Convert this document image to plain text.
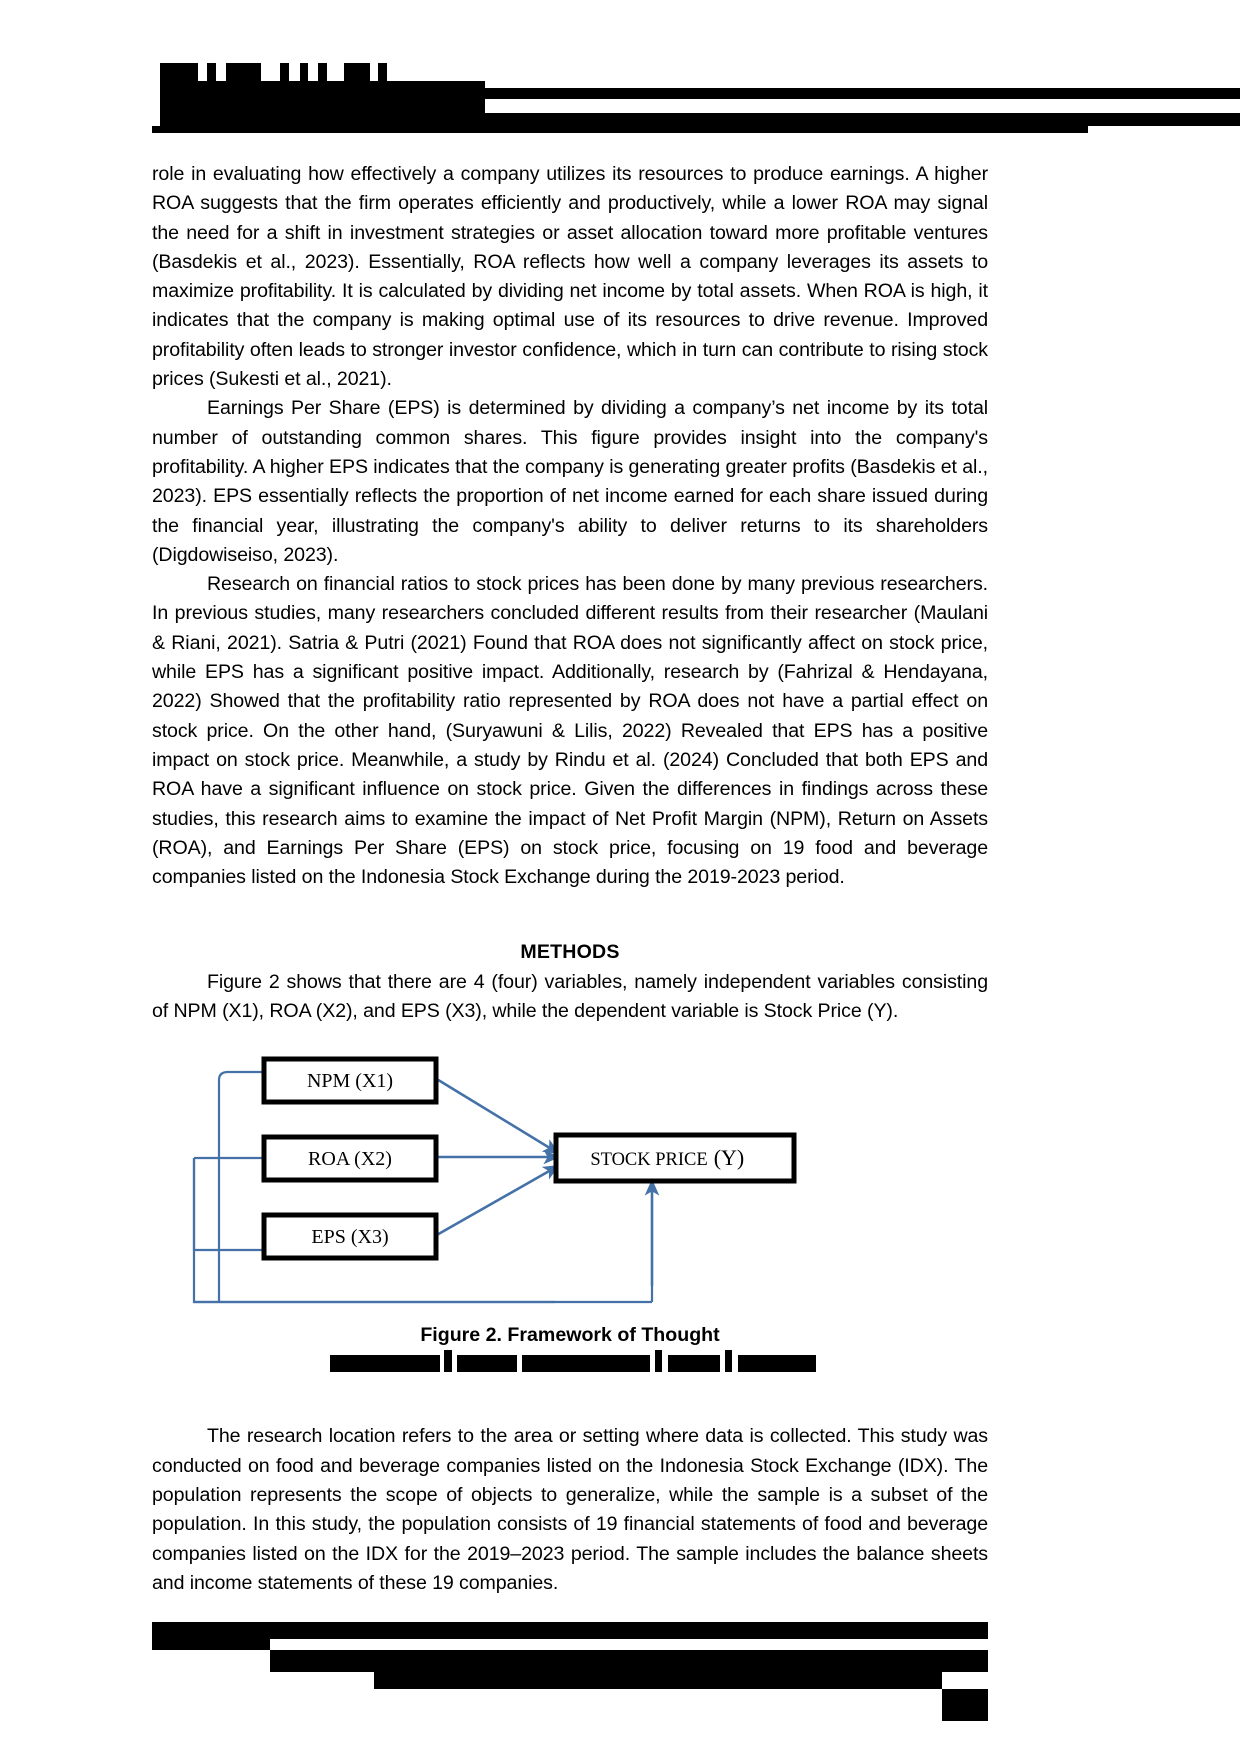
role in evaluating how effectively a company utilizes its resources to produce earnings. A higher ROA suggests that the firm operates efficiently and productively, while a lower ROA may signal the need for a shift in investment strategies or asset allocation toward more profitable ventures (Basdekis et al., 2023). Essentially, ROA reflects how well a company leverages its assets to maximize profitability. It is calculated by dividing net income by total assets. When ROA is high, it indicates that the company is making optimal use of its resources to drive revenue. Improved profitability often leads to stronger investor confidence, which in turn can contribute to rising stock prices (Sukesti et al., 2021).

Earnings Per Share (EPS) is determined by dividing a company’s net income by its total number of outstanding common shares. This figure provides insight into the company's profitability. A higher EPS indicates that the company is generating greater profits (Basdekis et al., 2023). EPS essentially reflects the proportion of net income earned for each share issued during the financial year, illustrating the company's ability to deliver returns to its shareholders (Digdowiseiso, 2023).

Research on financial ratios to stock prices has been done by many previous researchers. In previous studies, many researchers concluded different results from their researcher (Maulani & Riani, 2021). Satria & Putri (2021) Found that ROA does not significantly affect on stock price, while EPS has a significant positive impact. Additionally, research by (Fahrizal & Hendayana, 2022) Showed that the profitability ratio represented by ROA does not have a partial effect on stock price. On the other hand, (Suryawuni & Lilis, 2022) Revealed that EPS has a positive impact on stock price. Meanwhile, a study by Rindu et al. (2024) Concluded that both EPS and ROA have a significant influence on stock price. Given the differences in findings across these studies, this research aims to examine the impact of Net Profit Margin (NPM), Return on Assets (ROA), and Earnings Per Share (EPS) on stock price, focusing on 19 food and beverage companies listed on the Indonesia Stock Exchange during the 2019-2023 period.

METHODS

Figure 2 shows that there are 4 (four) variables, namely independent variables consisting of NPM (X1), ROA (X2), and EPS (X3), while the dependent variable is Stock Price (Y).

NPM (X1)
ROA (X2)
EPS (X3)
STOCK PRICE (Y)

Figure 2. Framework of Thought

The research location refers to the area or setting where data is collected. This study was conducted on food and beverage companies listed on the Indonesia Stock Exchange (IDX). The population represents the scope of objects to generalize, while the sample is a subset of the population. In this study, the population consists of 19 financial statements of food and beverage companies listed on the IDX for the 2019–2023 period. The sample includes the balance sheets and income statements of these 19 companies.
